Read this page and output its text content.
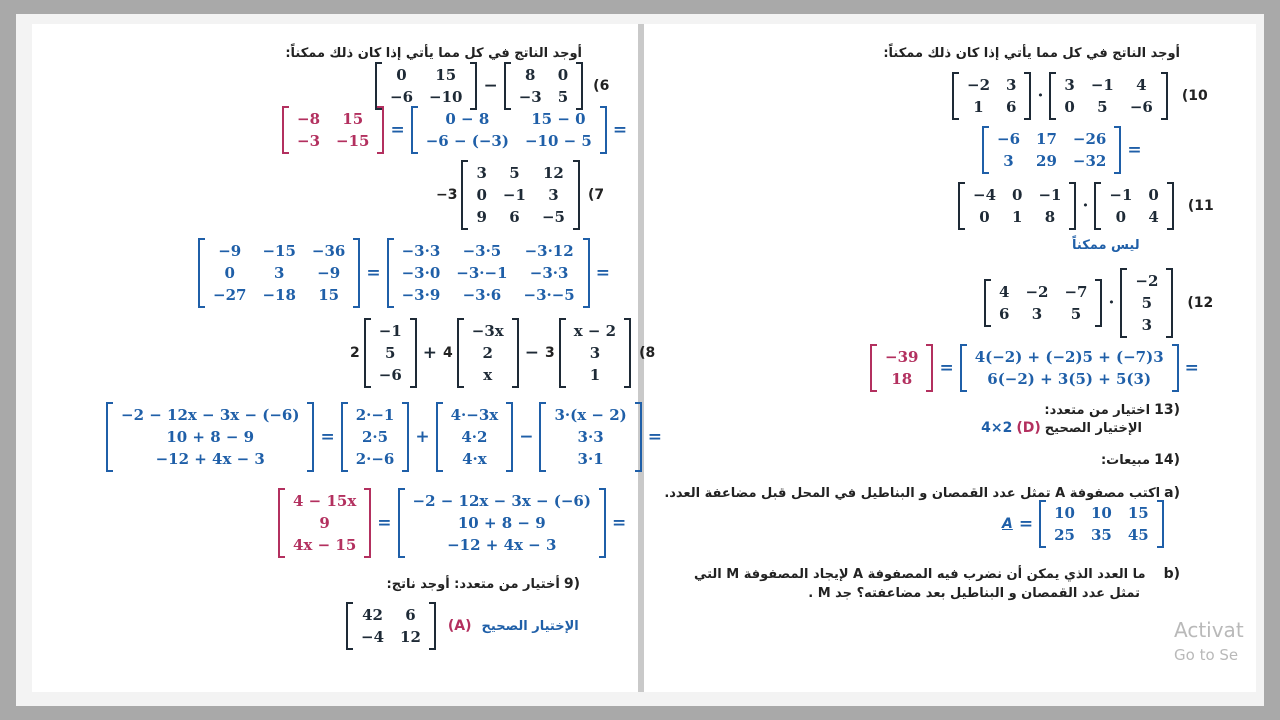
أوجد الناتج في كل مما يأتي إذا كان ذلك ممكناً:
0	15
−6	−10
−
8	0
−3	5
(6
−8	15
−3	−15
=
0 − 8	15 − 0
−6 − (−3)	−10 − 5
=
−3
3	5	12
0	−1	3
9	6	−5
(7
−9	−15	−36
0	3	−9
−27	−18	15
=
−3·3	−3·5	−3·12
−3·0	−3·−1	−3·3
−3·9	−3·6	−3·−5
=
2
−1
5
−6
+ 4
−3x
2
x
− 3
x − 2
3
1
(8
−2 − 12x − 3x − (−6)
10 + 8 − 9
−12 + 4x − 3
=
2·−1
2·5
2·−6
+
4·−3x
4·2
4·x
−
3·(x − 2)
3·3
3·1
=
4 − 15x
9
4x − 15
=
−2 − 12x − 3x − (−6)
10 + 8 − 9
−12 + 4x − 3
=
أختيار من متعدد: أوجد ناتج: 9)
42	6
−4	12
(A) الإختيار الصحيح
أوجد الناتج في كل مما يأتي إذا كان ذلك ممكناً:
−2	3
1	6
·
3	−1	4
0	5	−6
(10
−6	17	−26
3	29	−32
=
−4	0	−1
0	1	8
·
−1	0
0	4
(11
ليس ممكناً
4	−2	−7
6	3	5
·
−2
5
3
(12
−39
18
=
4(−2) + (−2)5 + (−7)3
6(−2) + 3(5) + 5(3)
=
اختيار من متعدد: 13)
4×2 (D) الإختيار الصحيح
مبيعات: 14)
اكتب مصفوفة A تمثل عدد القمصان و البناطيل في المحل قبل مضاعفة العدد. a)
A =
10	10	15
25	35	45
ما العدد الذي يمكن أن نضرب فيه المصفوفة A لإيجاد المصفوفة M التي b)
تمثل عدد القمصان و البناطيل بعد مضاعفته؟ جد M .
Activat
Go to Se
